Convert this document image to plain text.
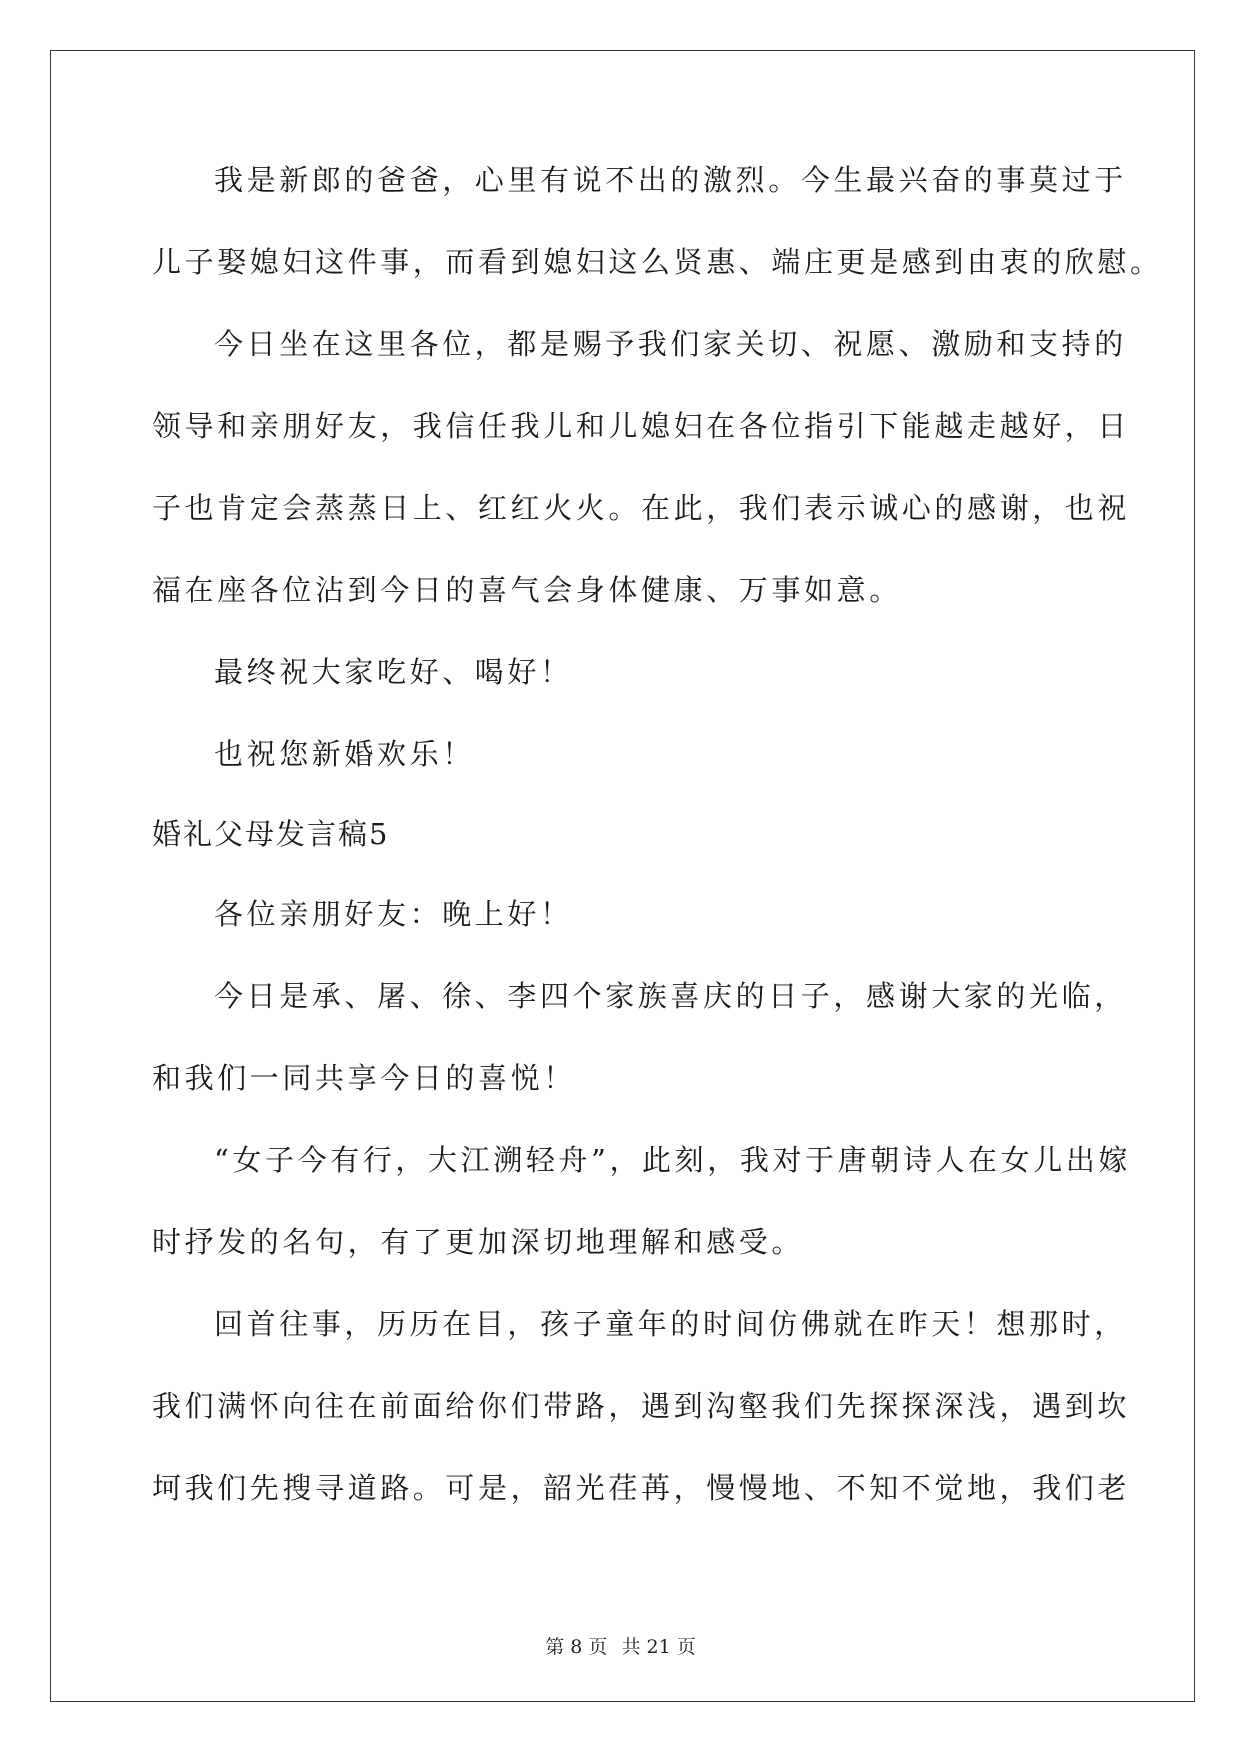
我是新郎的爸爸，心里有说不出的激烈。今生最兴奋的事莫过于
儿子娶媳妇这件事，而看到媳妇这么贤惠、端庄更是感到由衷的欣慰。
今日坐在这里各位，都是赐予我们家关切、祝愿、激励和支持的
领导和亲朋好友，我信任我儿和儿媳妇在各位指引下能越走越好，日
子也肯定会蒸蒸日上、红红火火。在此，我们表示诚心的感谢，也祝
福在座各位沾到今日的喜气会身体健康、万事如意。
最终祝大家吃好、喝好！
也祝您新婚欢乐！
婚礼父母发言稿5
各位亲朋好友：晚上好！
今日是承、屠、徐、李四个家族喜庆的日子，感谢大家的光临，
和我们一同共享今日的喜悦！
“女子今有行，大江溯轻舟”，此刻，我对于唐朝诗人在女儿出嫁
时抒发的名句，有了更加深切地理解和感受。
回首往事，历历在目，孩子童年的时间仿佛就在昨天！想那时，
我们满怀向往在前面给你们带路，遇到沟壑我们先探探深浅，遇到坎
坷我们先搜寻道路。可是，韶光荏苒，慢慢地、不知不觉地，我们老
第 8 页 共 21 页
